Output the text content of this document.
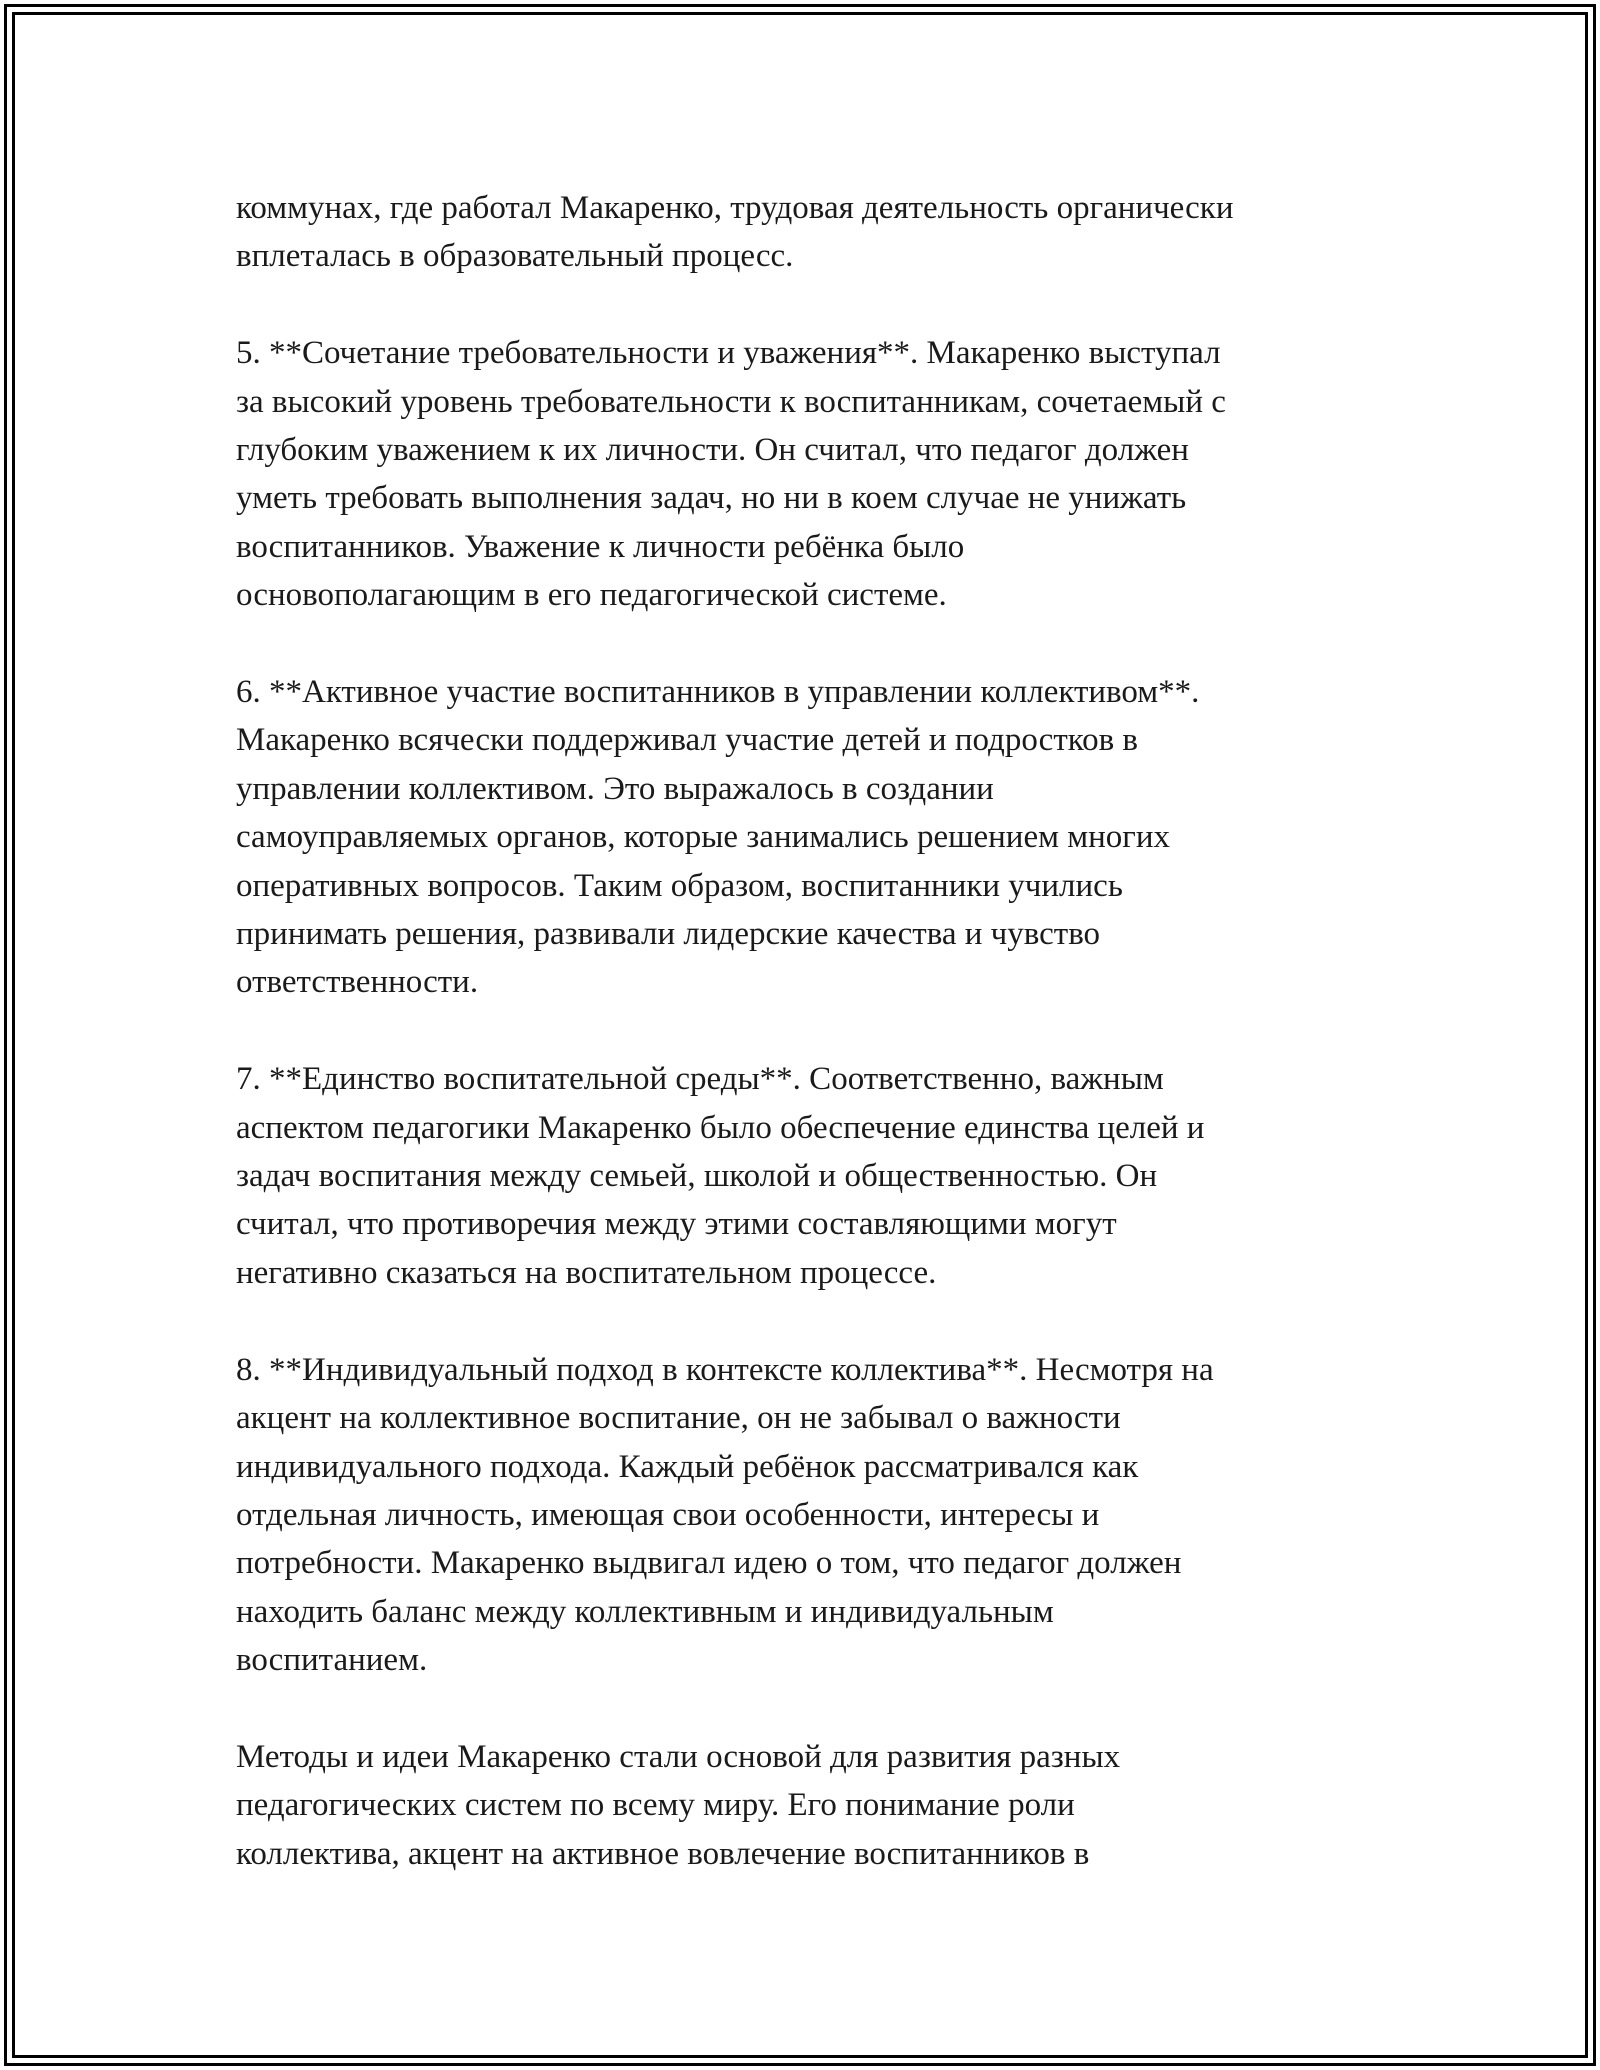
коммунах, где работал Макаренко, трудовая деятельность органически
вплеталась в образовательный процесс.

5. **Сочетание требовательности и уважения**. Макаренко выступал
за высокий уровень требовательности к воспитанникам, сочетаемый с
глубоким уважением к их личности. Он считал, что педагог должен
уметь требовать выполнения задач, но ни в коем случае не унижать
воспитанников. Уважение к личности ребёнка было
основополагающим в его педагогической системе.

6. **Активное участие воспитанников в управлении коллективом**.
Макаренко всячески поддерживал участие детей и подростков в
управлении коллективом. Это выражалось в создании
самоуправляемых органов, которые занимались решением многих
оперативных вопросов. Таким образом, воспитанники учились
принимать решения, развивали лидерские качества и чувство
ответственности.

7. **Единство воспитательной среды**. Соответственно, важным
аспектом педагогики Макаренко было обеспечение единства целей и
задач воспитания между семьей, школой и общественностью. Он
считал, что противоречия между этими составляющими могут
негативно сказаться на воспитательном процессе.

8. **Индивидуальный подход в контексте коллектива**. Несмотря на
акцент на коллективное воспитание, он не забывал о важности
индивидуального подхода. Каждый ребёнок рассматривался как
отдельная личность, имеющая свои особенности, интересы и
потребности. Макаренко выдвигал идею о том, что педагог должен
находить баланс между коллективным и индивидуальным
воспитанием.

Методы и идеи Макаренко стали основой для развития разных
педагогических систем по всему миру. Его понимание роли
коллектива, акцент на активное вовлечение воспитанников в
